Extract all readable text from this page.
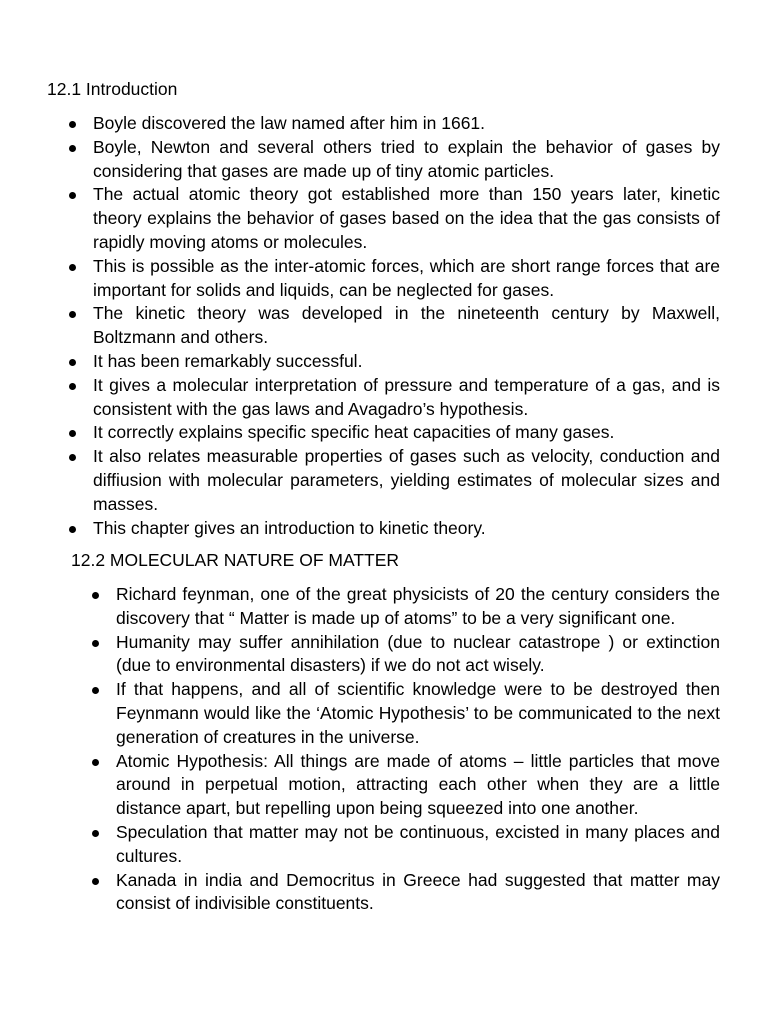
12.1 Introduction
Boyle discovered the law named after him in 1661.
Boyle, Newton and several others tried to explain the behavior of gases by considering that gases are made up of tiny atomic particles.
The actual atomic theory got established more than 150 years later, kinetic theory explains the behavior of gases based on the idea that the gas consists of rapidly moving atoms or molecules.
This is possible as the inter-atomic forces, which are short range forces that are important for solids and liquids, can be neglected for gases.
The kinetic theory was developed in the nineteenth century by Maxwell, Boltzmann and others.
It has been remarkably successful.
It gives a molecular interpretation of pressure and temperature of a gas, and is consistent with the gas laws and Avagadro’s hypothesis.
It correctly explains specific specific heat capacities of many gases.
It also relates measurable properties of gases such as velocity, conduction and diffiusion with molecular parameters, yielding estimates of molecular sizes and masses.
This chapter gives an introduction to kinetic theory.
12.2 MOLECULAR NATURE OF MATTER
Richard feynman, one of the great physicists of 20 the century considers the discovery that “ Matter is made up of atoms” to be a very significant one.
Humanity may suffer annihilation (due to nuclear catastrope ) or extinction (due to environmental disasters) if we do not act wisely.
If that happens, and all of scientific knowledge were to be destroyed then Feynmann would like the ‘Atomic Hypothesis’ to be communicated to the next generation of creatures in the universe.
Atomic Hypothesis: All things are made of atoms – little particles that move around in perpetual motion, attracting each other when they are a little distance apart, but repelling upon being squeezed into one another.
Speculation that matter may not be continuous, excisted in many places and cultures.
Kanada in india and Democritus in Greece had suggested that matter may consist of indivisible constituents.
